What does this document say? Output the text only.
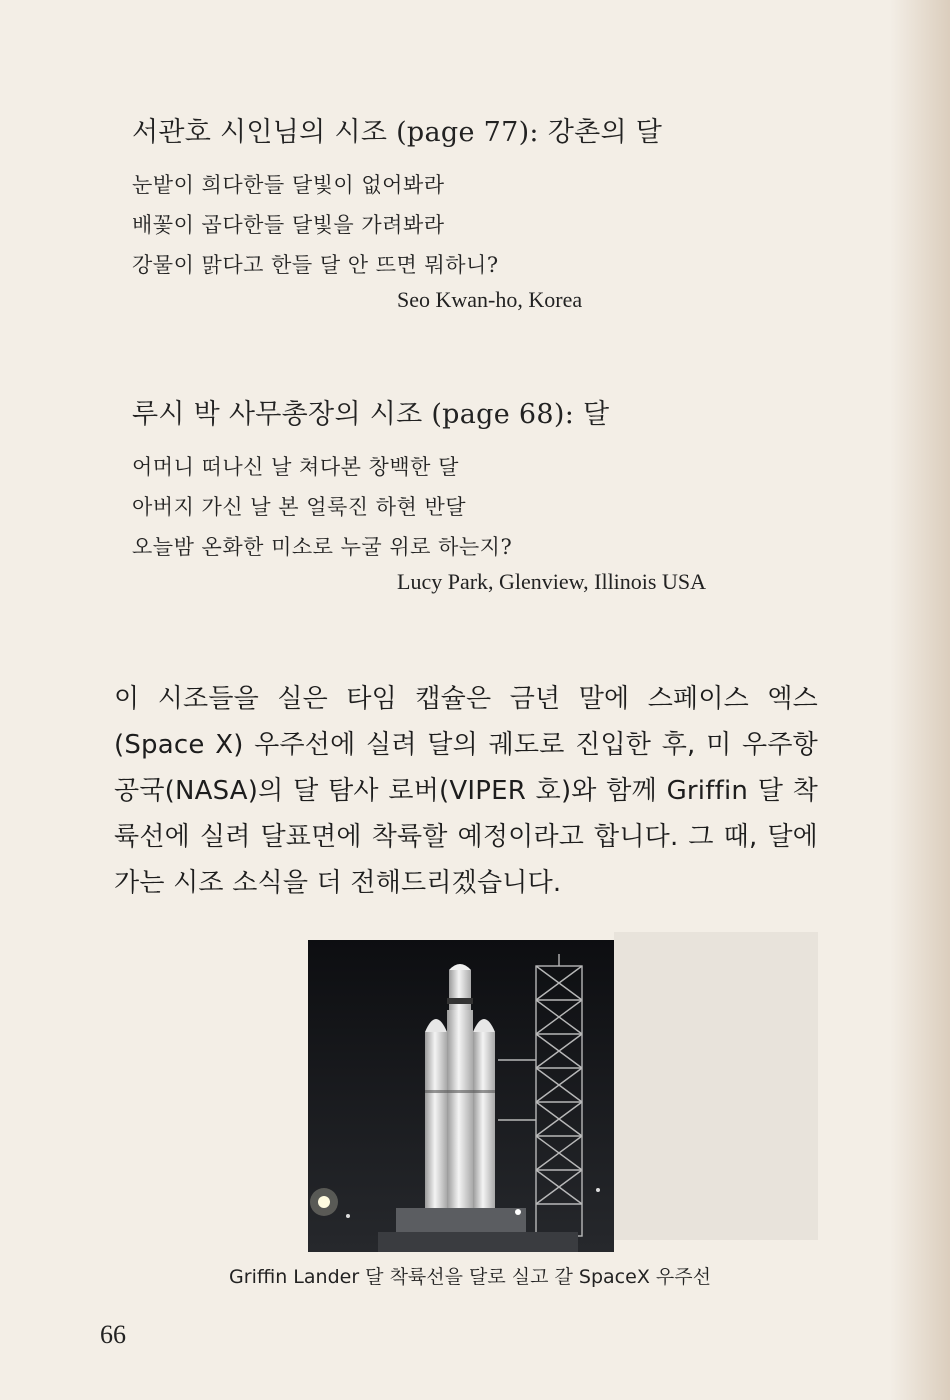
서관호 시인님의 시조 (page 77): 강촌의 달

눈밭이 희다한들 달빛이 없어봐라

배꽃이 곱다한들 달빛을 가려봐라

강물이 맑다고 한들 달 안 뜨면 뭐하니?

Seo Kwan-ho, Korea

루시 박 사무총장의 시조 (page 68): 달

어머니 떠나신 날 쳐다본 창백한 달

아버지 가신 날 본 얼룩진 하현 반달

오늘밤 온화한 미소로 누굴 위로 하는지?

Lucy Park, Glenview, Illinois USA

이 시조들을 실은 타임 캡슐은 금년 말에 스페이스 엑스(Space X) 우주선에 실려 달의 궤도로 진입한 후, 미 우주항공국(NASA)의 달 탐사 로버(VIPER 호)와 함께 Griffin 달 착륙선에 실려 달표면에 착륙할 예정이라고 합니다. 그 때, 달에 가는 시조 소식을 더 전해드리겠습니다.

Griffin Lander 달 착륙선을 달로 실고 갈 SpaceX 우주선

66
